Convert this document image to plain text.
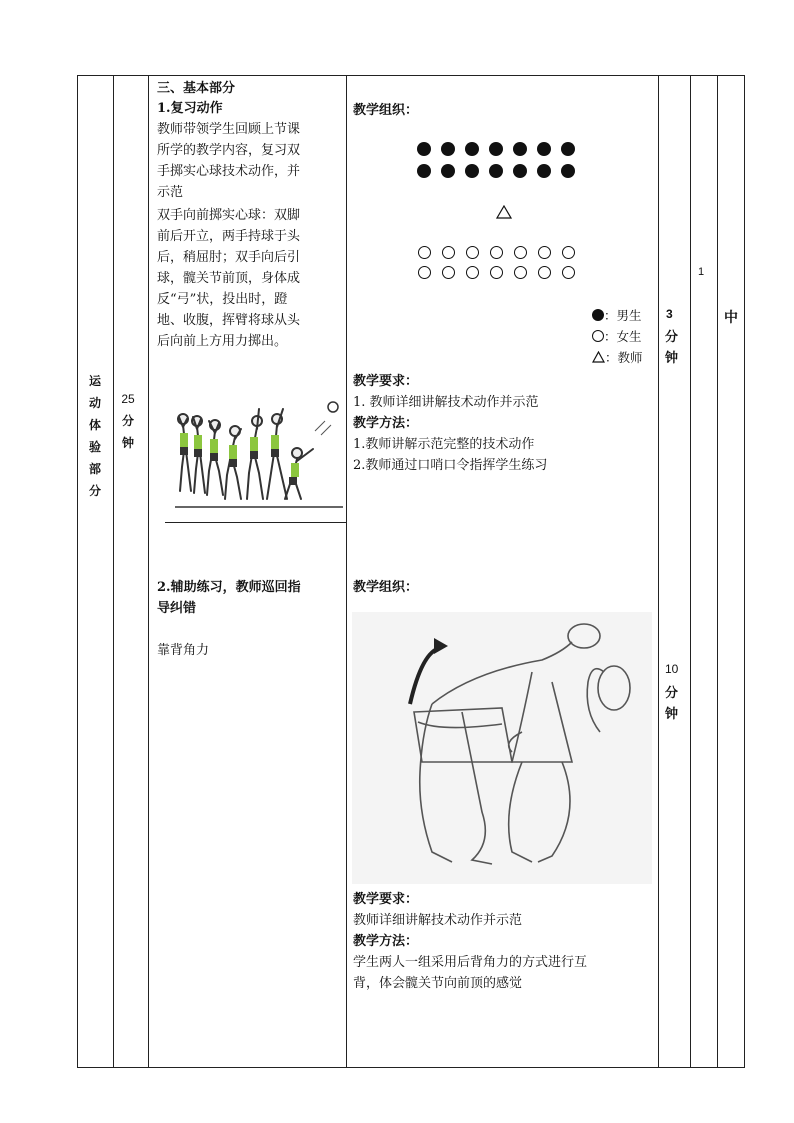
运
动
体
验
部
分
25
分
钟
三、基本部分
1.复习动作
教师带领学生回顾上节课
所学的教学内容，复习双
手掷实心球技术动作，并
示范
双手向前掷实心球：双脚
前后开立，两手持球于头
后，稍屈肘；双手向后引
球，髋关节前顶，身体成
反“弓”状，投出时，蹬
地、收腹，挥臂将球从头
后向前上方用力掷出。
2.辅助练习，教师巡回指
导纠错
靠背角力
教学组织：
：男生
：女生
：教师
教学要求：
1. 教师详细讲解技术动作并示范
教学方法：
1.教师讲解示范完整的技术动作
2.教师通过口哨口令指挥学生练习
教学组织：
教学要求：
教师详细讲解技术动作并示范
教学方法：
学生两人一组采用后背角力的方式进行互
背，体会髋关节向前顶的感觉
3
分
钟
10
分
钟
1
中
